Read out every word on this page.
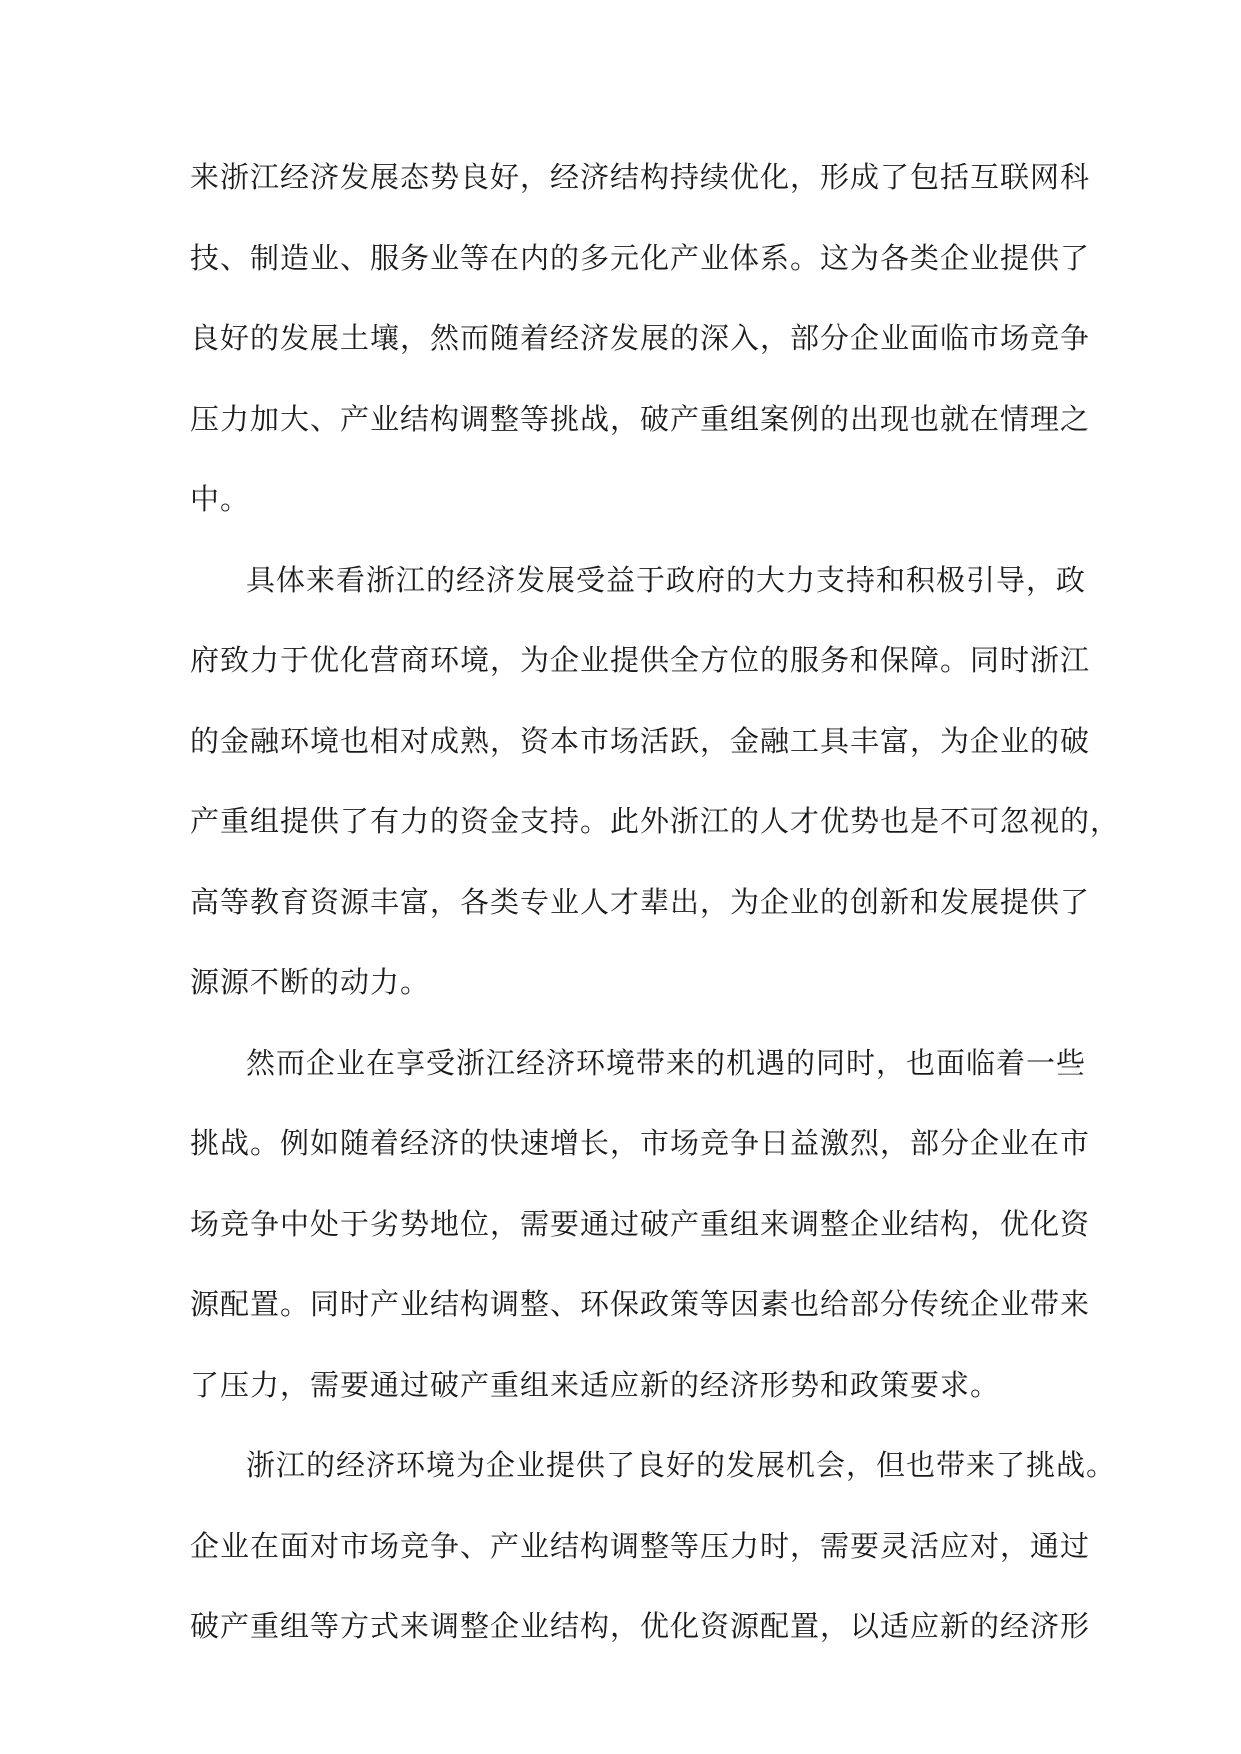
来浙江经济发展态势良好，经济结构持续优化，形成了包括互联网科
技、制造业、服务业等在内的多元化产业体系。这为各类企业提供了
良好的发展土壤，然而随着经济发展的深入，部分企业面临市场竞争
压力加大、产业结构调整等挑战，破产重组案例的出现也就在情理之
中。
具体来看浙江的经济发展受益于政府的大力支持和积极引导，政
府致力于优化营商环境，为企业提供全方位的服务和保障。同时浙江
的金融环境也相对成熟，资本市场活跃，金融工具丰富，为企业的破
产重组提供了有力的资金支持。此外浙江的人才优势也是不可忽视的，
高等教育资源丰富，各类专业人才辈出，为企业的创新和发展提供了
源源不断的动力。
然而企业在享受浙江经济环境带来的机遇的同时，也面临着一些
挑战。例如随着经济的快速增长，市场竞争日益激烈，部分企业在市
场竞争中处于劣势地位，需要通过破产重组来调整企业结构，优化资
源配置。同时产业结构调整、环保政策等因素也给部分传统企业带来
了压力，需要通过破产重组来适应新的经济形势和政策要求。
浙江的经济环境为企业提供了良好的发展机会，但也带来了挑战。
企业在面对市场竞争、产业结构调整等压力时，需要灵活应对，通过
破产重组等方式来调整企业结构，优化资源配置，以适应新的经济形
